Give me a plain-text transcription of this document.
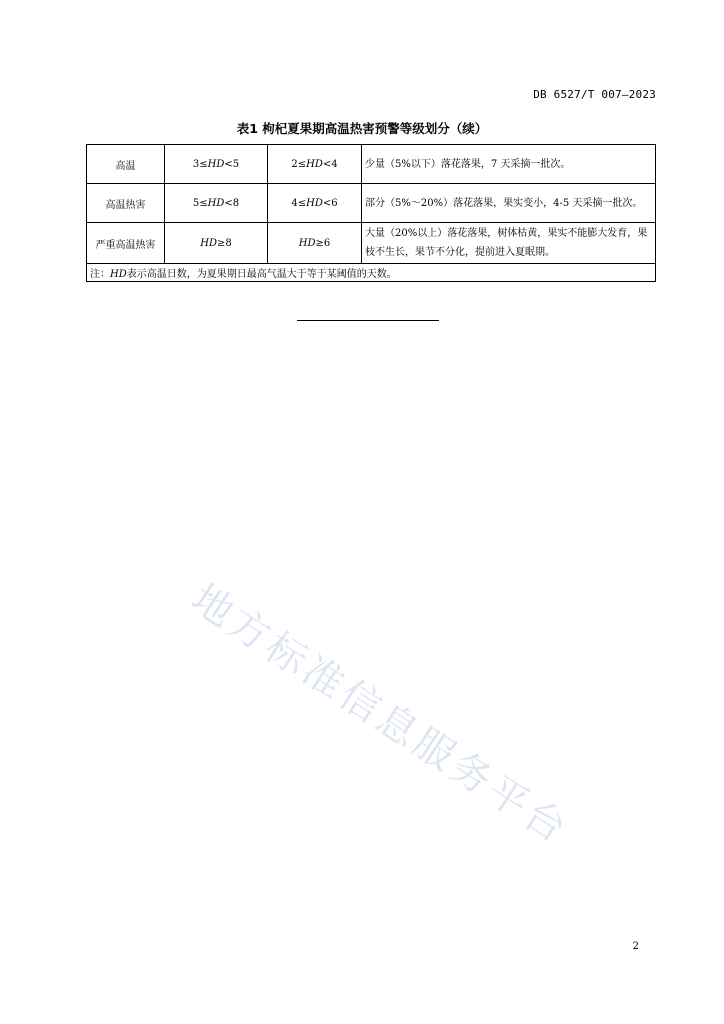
DB 6527/T 007—2023
表1 枸杞夏果期高温热害预警等级划分（续）
高温	3≤HD<5	2≤HD<4	少量（5%以下）落花落果，7 天采摘一批次。
高温热害	5≤HD<8	4≤HD<6	部分（5%～20%）落花落果，果实变小，4-5 天采摘一批次。
严重高温热害	HD≥8	HD≥6	大量（20%以上）落花落果，树体枯黄，果实不能膨大发育，果枝不生长，果节不分化，提前进入夏眠期。
注：HD表示高温日数，为夏果期日最高气温大于等于某阈值的天数。			
地方标准信息服务平台
2
